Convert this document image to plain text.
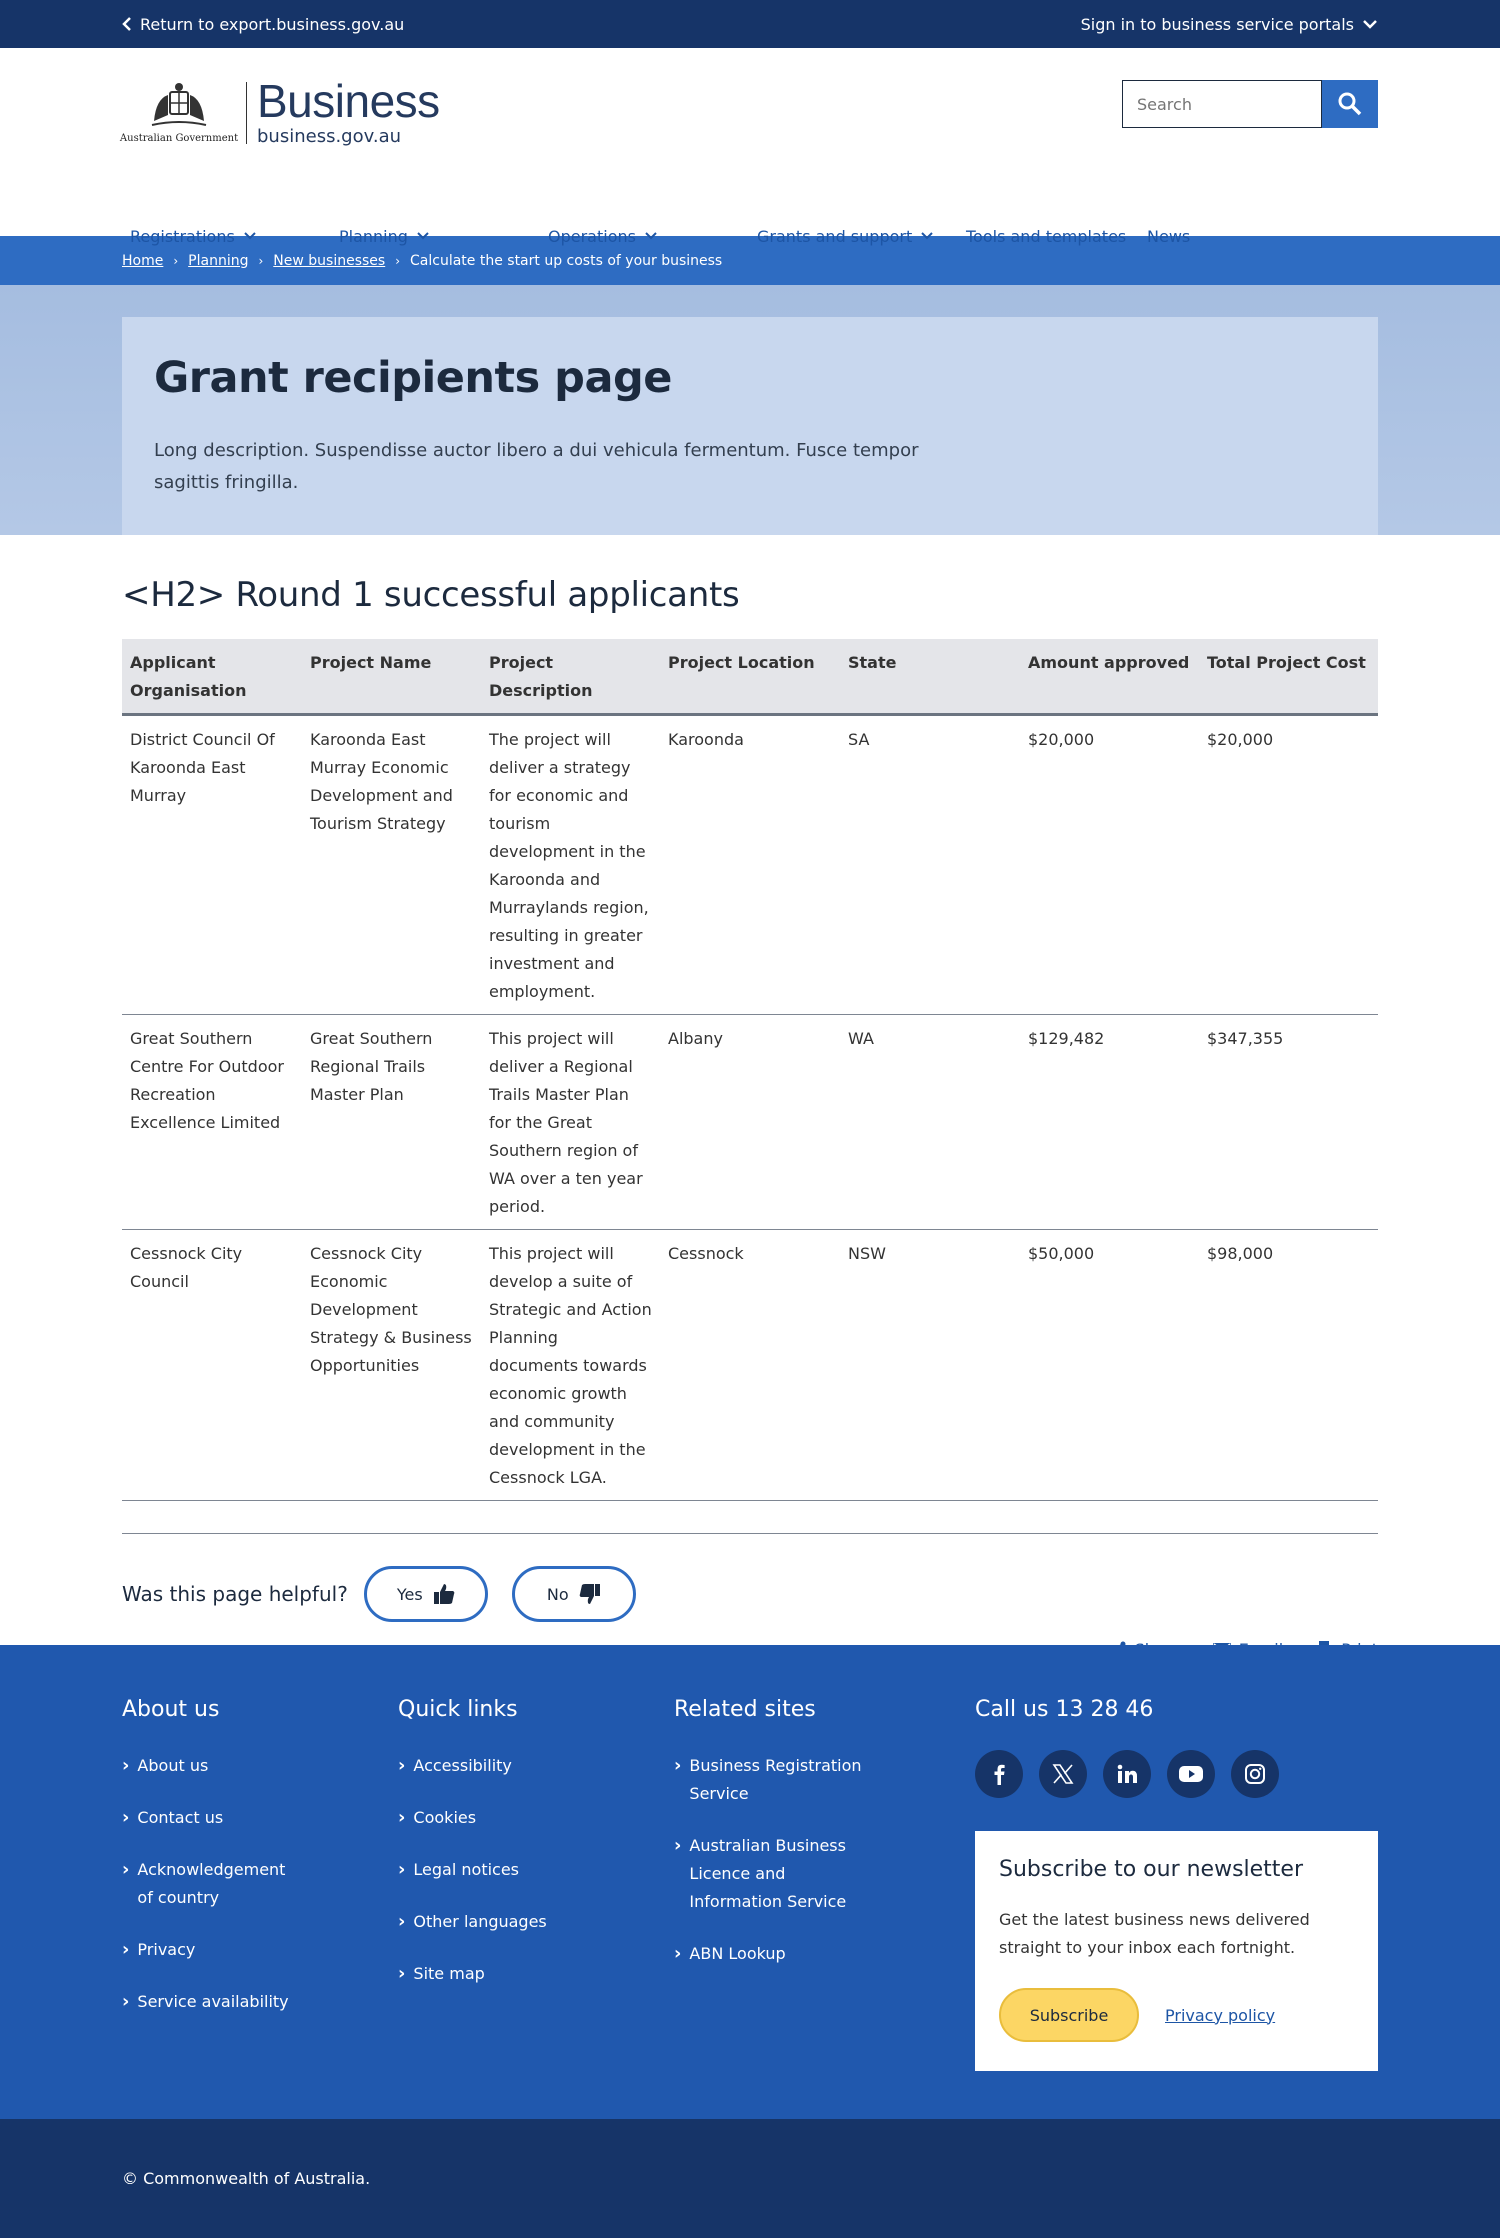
Return to export.business.gov.au	Sign in to business service portals
Australian Government
Business
business.gov.au
Search
Registrations	Planning	Operations	Grants and support	Tools and templates News
Home › Planning › New businesses › Calculate the start up costs of your business
Grant recipients page

Long description. Suspendisse auctor libero a dui vehicula fermentum. Fusce tempor sagittis fringilla.

<H2> Round 1 successful applicants
Applicant Organisation	Project Name	Project Description	Project Location	State	Amount approved	Total Project Cost
District Council Of Karoonda East Murray	Karoonda East Murray Economic Development and Tourism Strategy	The project will deliver a strategy for economic and tourism development in the Karoonda and Murraylands region, resulting in greater investment and employment.	Karoonda	SA	$20,000	$20,000
Great Southern Centre For Outdoor Recreation Excellence Limited	Great Southern Regional Trails Master Plan	This project will deliver a Regional Trails Master Plan for the Great Southern region of WA over a ten year period.	Albany	WA	$129,482	$347,355
Cessnock City Council	Cessnock City Economic Development Strategy & Business Opportunities	This project will develop a suite of Strategic and Action Planning documents towards economic growth and community development in the Cessnock LGA.	Cessnock	NSW	$50,000	$98,000
Was this page helpful?	Yes	No
About us
› About us
› Contact us
› Acknowledgement of country
› Privacy
› Service availability
Quick links
› Accessibility
› Cookies
› Legal notices
› Other languages
› Site map
Related sites
› Business Registration Service
› Australian Business Licence and Information Service
› ABN Lookup
Call us 13 28 46
Subscribe to our newsletter

Get the latest business news delivered straight to your inbox each fortnight.

Subscribe	Privacy policy
© Commonwealth of Australia.
